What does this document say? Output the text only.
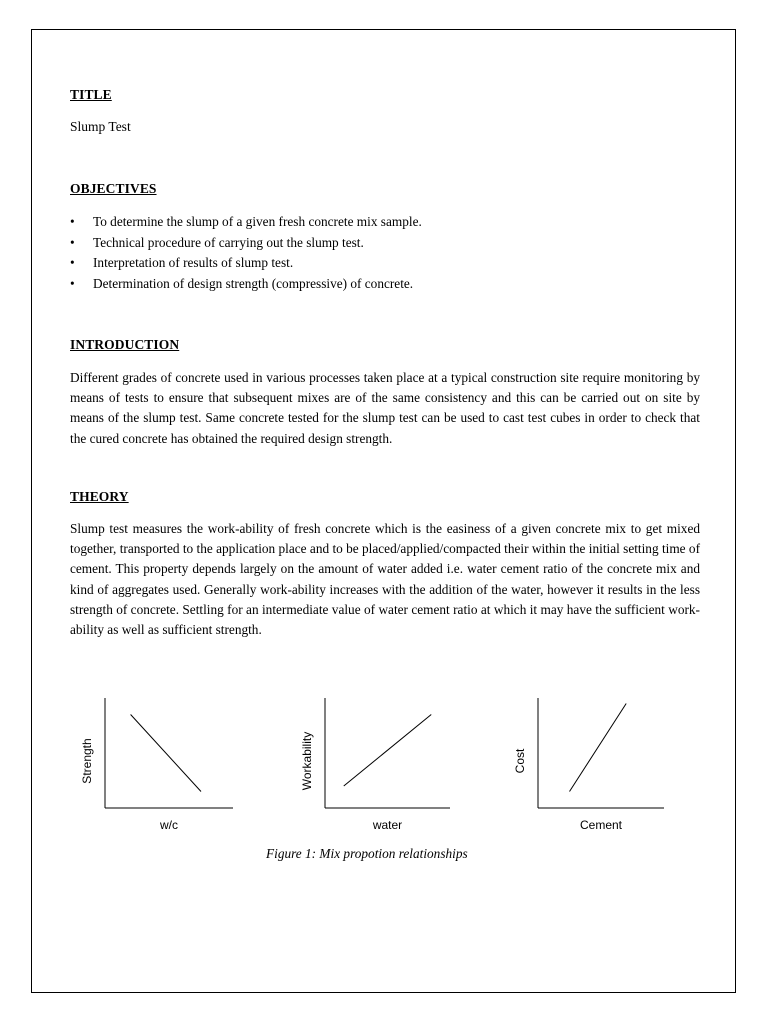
TITLE
Slump Test
OBJECTIVES
• To determine the slump of a given fresh concrete mix sample.
• Technical procedure of carrying out the slump test.
• Interpretation of results of slump test.
• Determination of design strength (compressive) of concrete.
INTRODUCTION
Different grades of concrete used in various processes taken place at a typical construction site require monitoring by means of tests to ensure that subsequent mixes are of the same consistency and this can be carried out on site by means of the slump test. Same concrete tested for the slump test can be used to cast test cubes in order to check that the cured concrete has obtained the required design strength.
THEORY
Slump test measures the work-ability of fresh concrete which is the easiness of a given concrete mix to get mixed together, transported to the application place and to be placed/applied/compacted their within the initial setting time of cement. This property depends largely on the amount of water added i.e. water cement ratio of the concrete mix and kind of aggregates used. Generally work-ability increases with the addition of the water, however it results in the less strength of concrete. Settling for an intermediate value of water cement ratio at which it may have the sufficient work-ability as well as sufficient strength.
w/c
Strength
water
Workability
Cement
Cost
Figure 1: Mix propotion relationships
